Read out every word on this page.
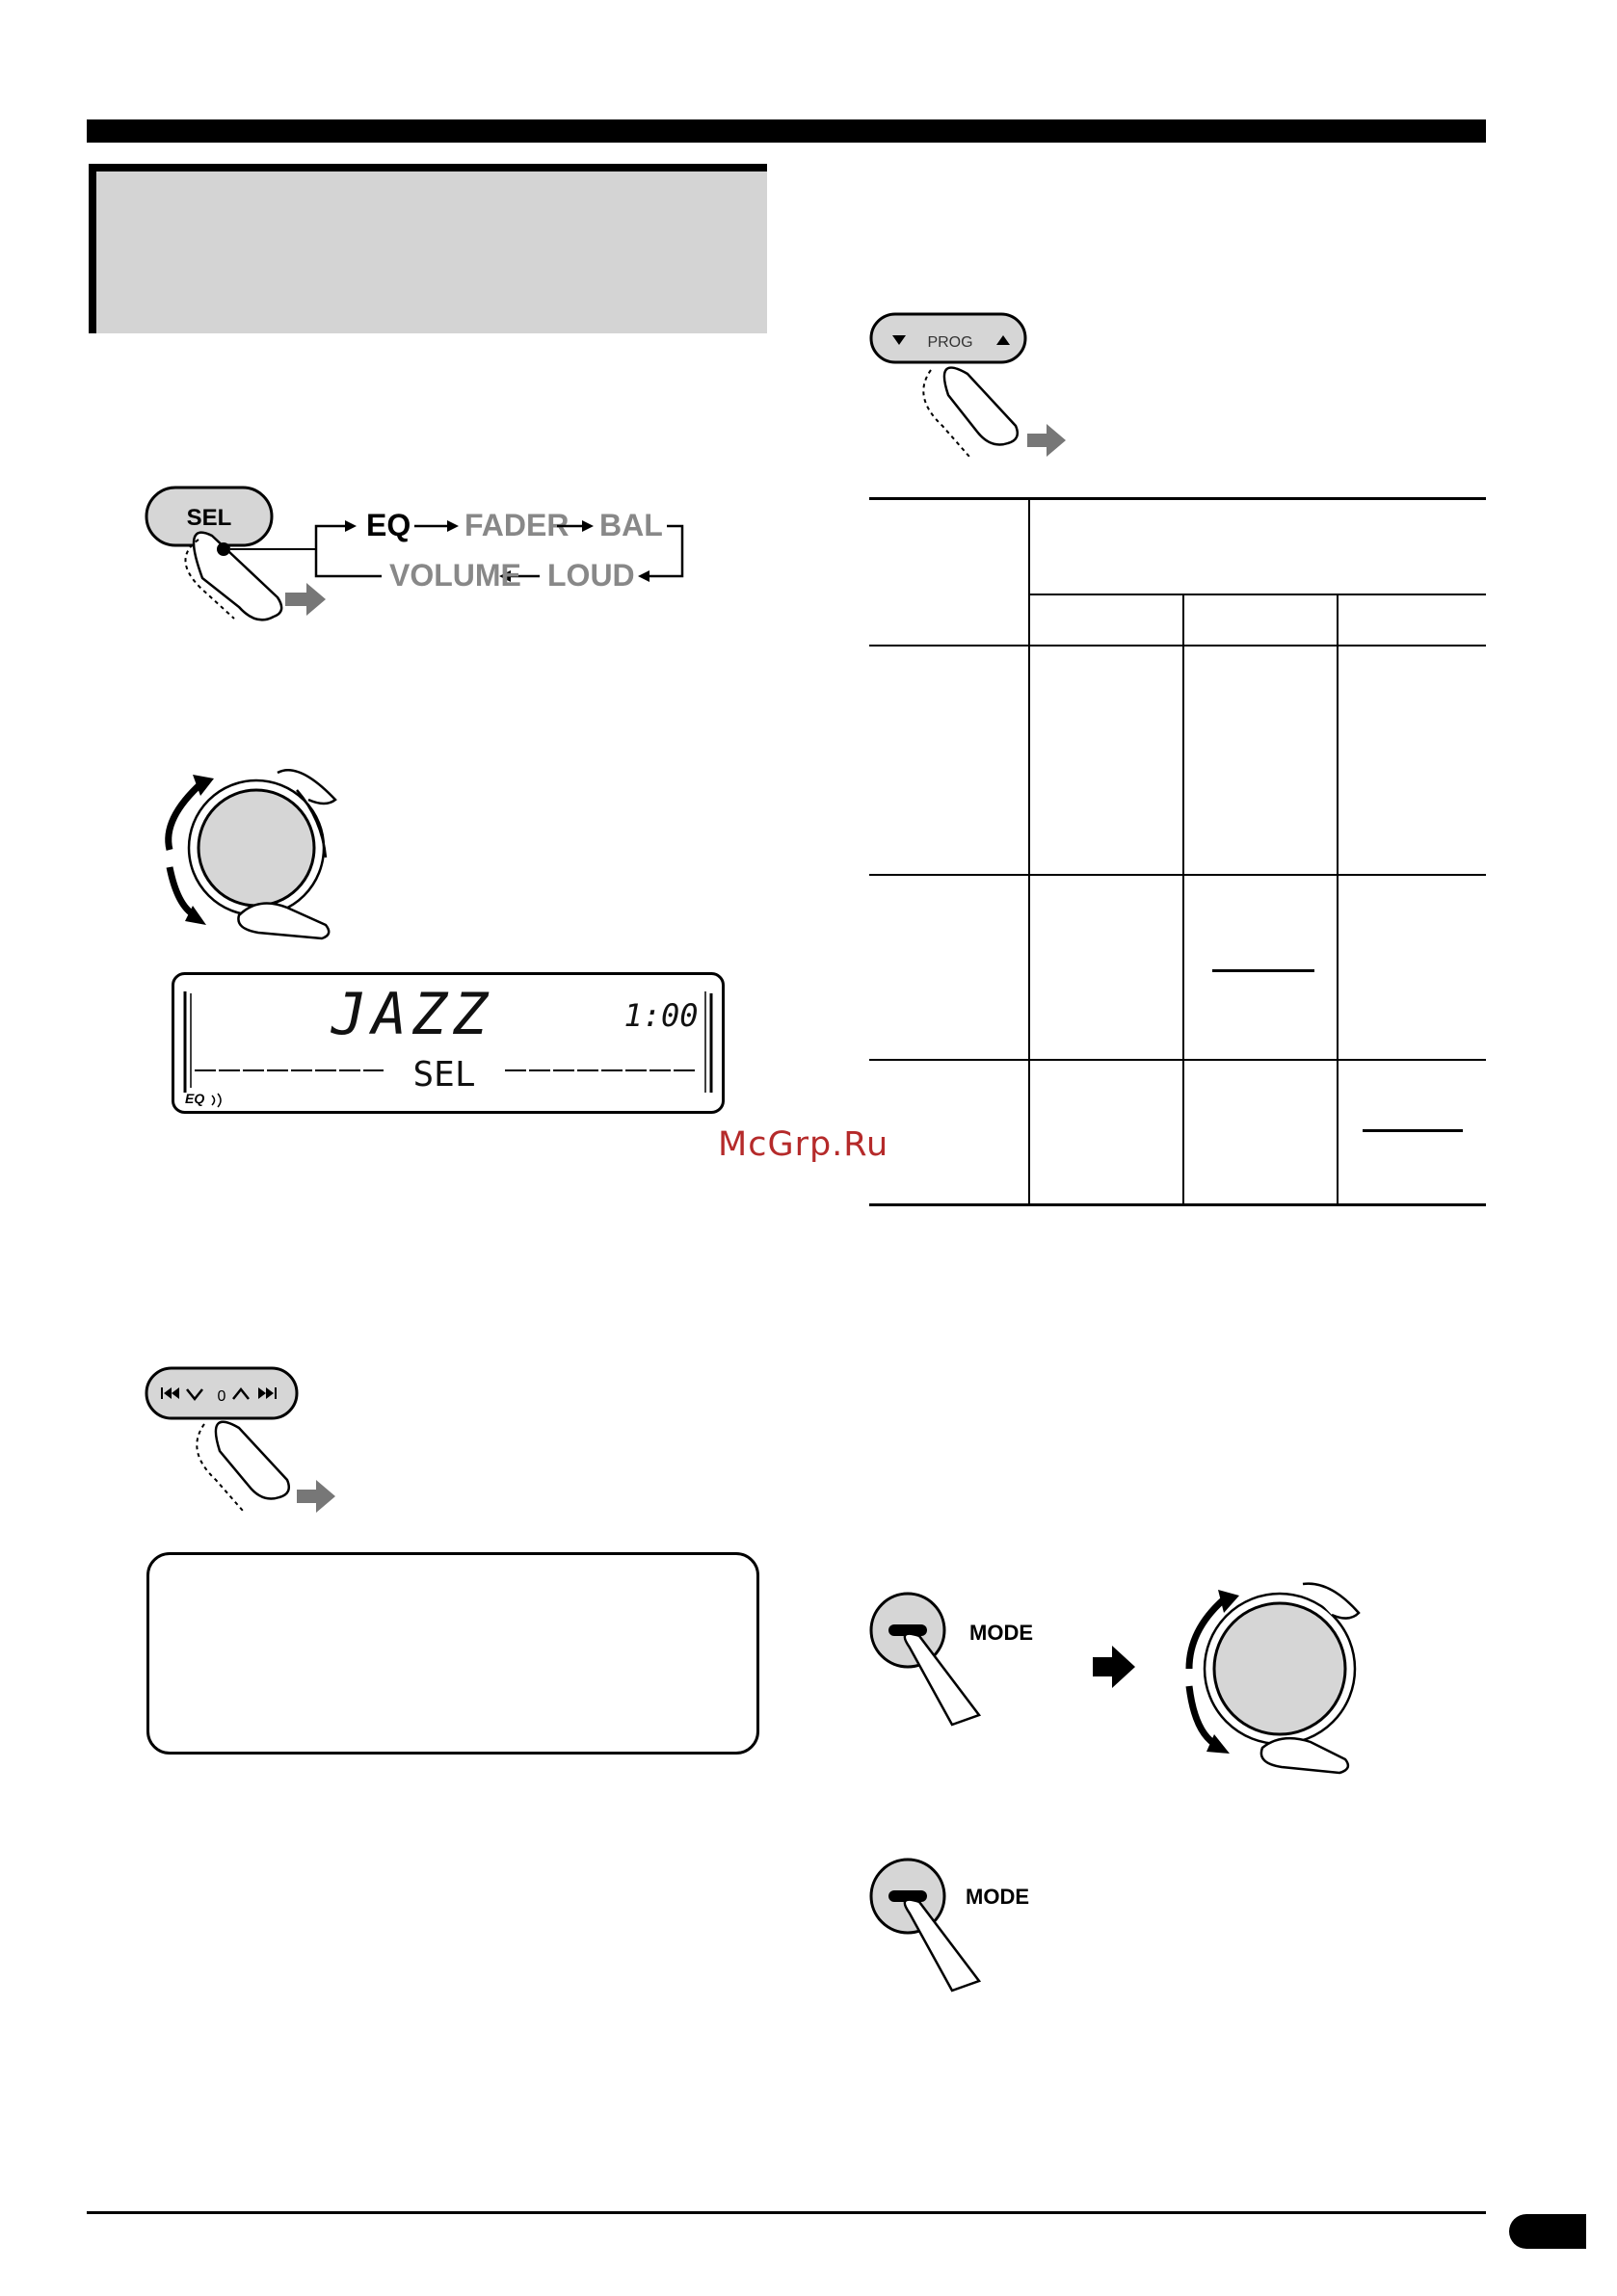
SEL	EQ FADER BAL
LOUD
VOLUME
JAZZ	1:00
SEL
EQ
McGrp.Ru
0
PROG
MODE
MODE
